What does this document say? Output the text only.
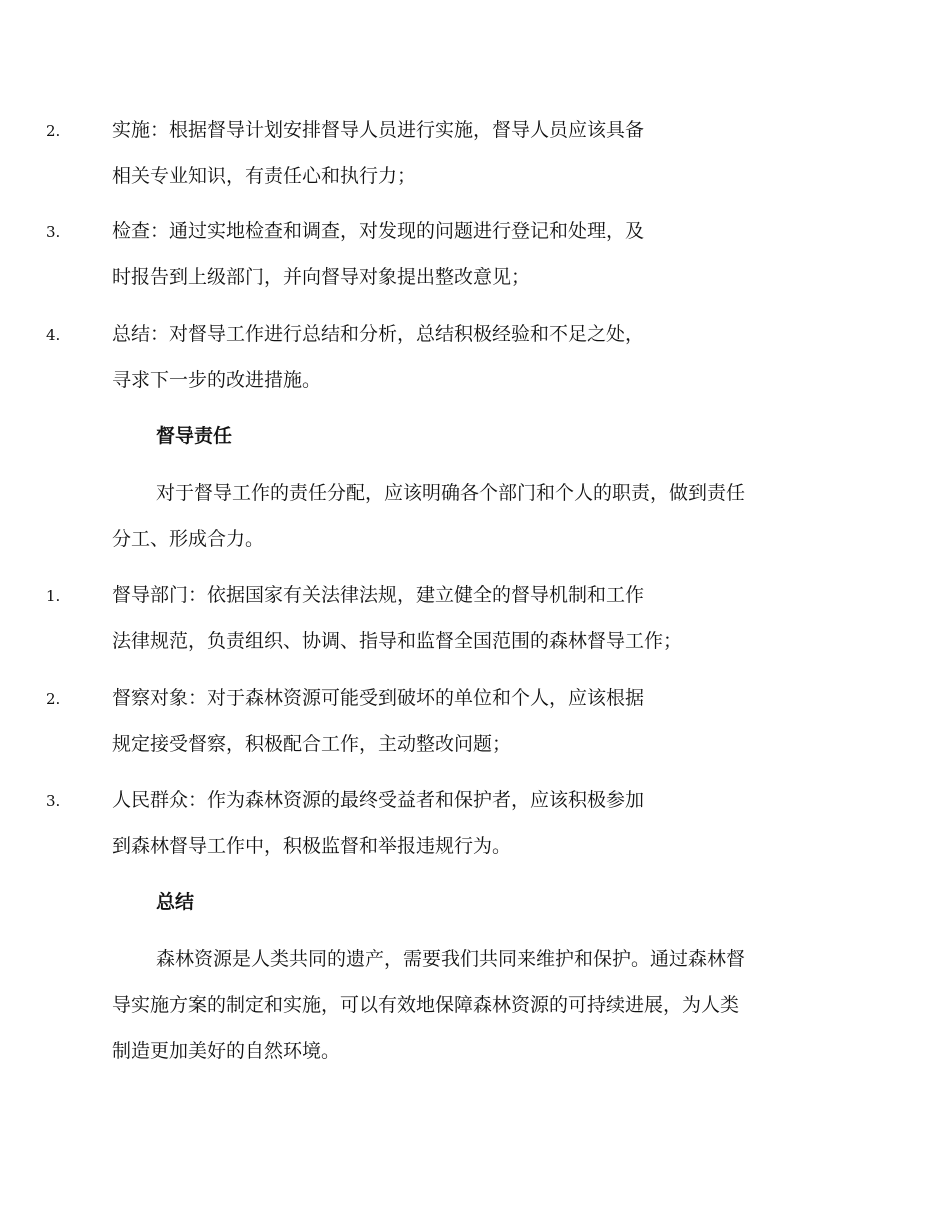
2.	实施：根据督导计划安排督导人员进行实施，督导人员应该具备
相关专业知识，有责任心和执行力；

3.	检查：通过实地检查和调查，对发现的问题进行登记和处理，及
时报告到上级部门，并向督导对象提出整改意见；

4.	总结：对督导工作进行总结和分析，总结积极经验和不足之处，
寻求下一步的改进措施。

督导责任

对于督导工作的责任分配，应该明确各个部门和个人的职责，做到责任
分工、形成合力。

1.	督导部门：依据国家有关法律法规，建立健全的督导机制和工作
法律规范，负责组织、协调、指导和监督全国范围的森林督导工作；

2.	督察对象：对于森林资源可能受到破坏的单位和个人，应该根据
规定接受督察，积极配合工作，主动整改问题；

3.	人民群众：作为森林资源的最终受益者和保护者，应该积极参加
到森林督导工作中，积极监督和举报违规行为。

总结

森林资源是人类共同的遗产，需要我们共同来维护和保护。通过森林督
导实施方案的制定和实施，可以有效地保障森林资源的可持续进展，为人类
制造更加美好的自然环境。
